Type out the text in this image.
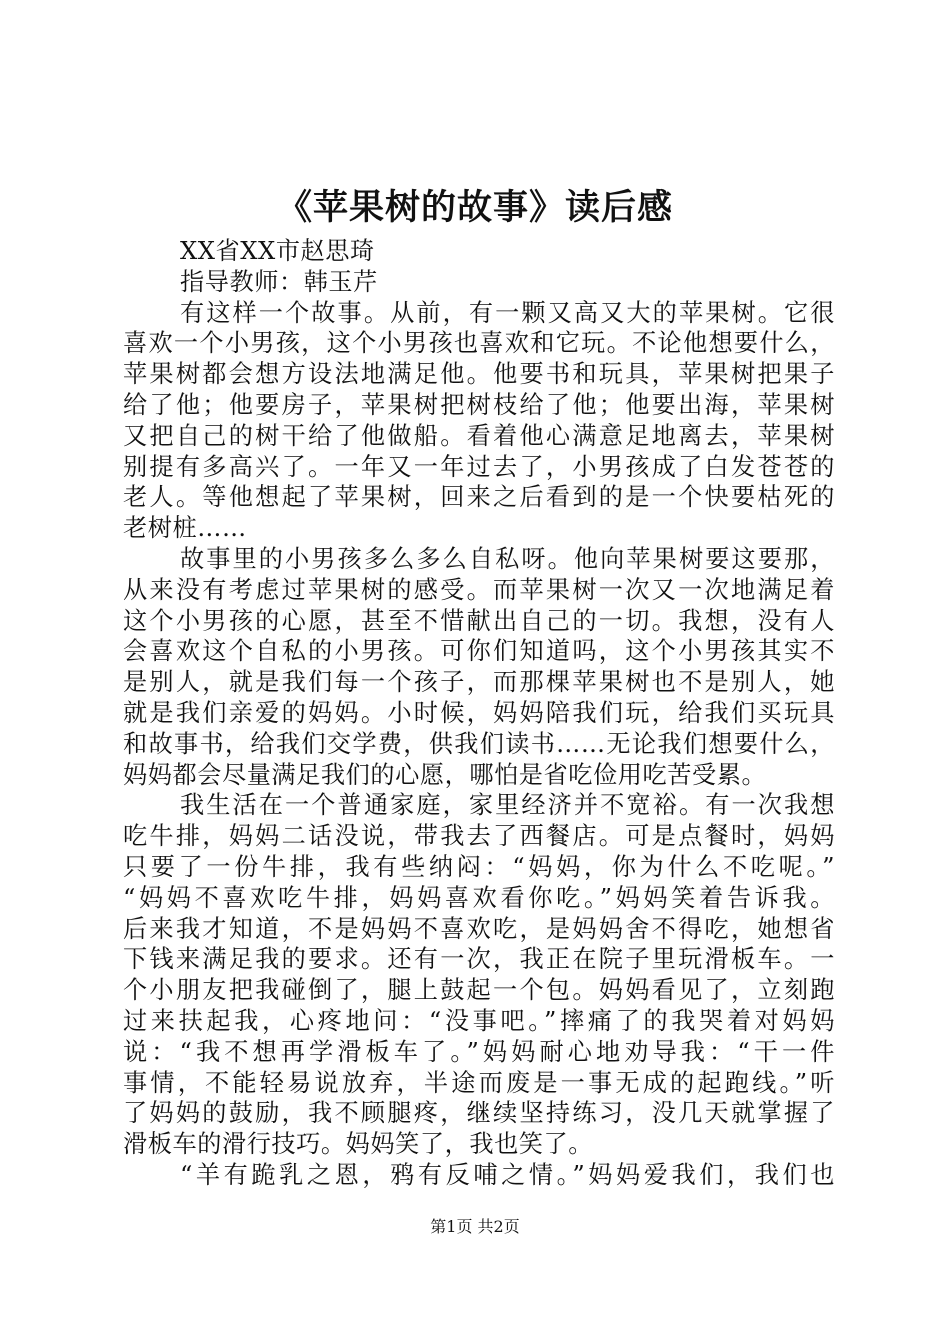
《苹果树的故事》读后感

XX省XX市赵思琦

指导教师：韩玉芹

有这样一个故事。从前，有一颗又高又大的苹果树。它很

喜欢一个小男孩，这个小男孩也喜欢和它玩。不论他想要什么，

苹果树都会想方设法地满足他。他要书和玩具，苹果树把果子

给了他；他要房子，苹果树把树枝给了他；他要出海，苹果树

又把自己的树干给了他做船。看着他心满意足地离去，苹果树

别提有多高兴了。一年又一年过去了，小男孩成了白发苍苍的

老人。等他想起了苹果树，回来之后看到的是一个快要枯死的

老树桩……

故事里的小男孩多么多么自私呀。他向苹果树要这要那，

从来没有考虑过苹果树的感受。而苹果树一次又一次地满足着

这个小男孩的心愿，甚至不惜献出自己的一切。我想，没有人

会喜欢这个自私的小男孩。可你们知道吗，这个小男孩其实不

是别人，就是我们每一个孩子，而那棵苹果树也不是别人，她

就是我们亲爱的妈妈。小时候，妈妈陪我们玩，给我们买玩具

和故事书，给我们交学费，供我们读书……无论我们想要什么，

妈妈都会尽量满足我们的心愿，哪怕是省吃俭用吃苦受累。

我生活在一个普通家庭，家里经济并不宽裕。有一次我想

吃牛排，妈妈二话没说，带我去了西餐店。可是点餐时，妈妈

只要了一份牛排，我有些纳闷：“妈妈，你为什么不吃呢。”

“妈妈不喜欢吃牛排，妈妈喜欢看你吃。”妈妈笑着告诉我。

后来我才知道，不是妈妈不喜欢吃，是妈妈舍不得吃，她想省

下钱来满足我的要求。还有一次，我正在院子里玩滑板车。一

个小朋友把我碰倒了，腿上鼓起一个包。妈妈看见了，立刻跑

过来扶起我，心疼地问：“没事吧。”摔痛了的我哭着对妈妈

说：“我不想再学滑板车了。”妈妈耐心地劝导我：“干一件

事情，不能轻易说放弃，半途而废是一事无成的起跑线。”听

了妈妈的鼓励，我不顾腿疼，继续坚持练习，没几天就掌握了

滑板车的滑行技巧。妈妈笑了，我也笑了。

“羊有跪乳之恩，鸦有反哺之情。”妈妈爱我们，我们也

第1页 共2页
